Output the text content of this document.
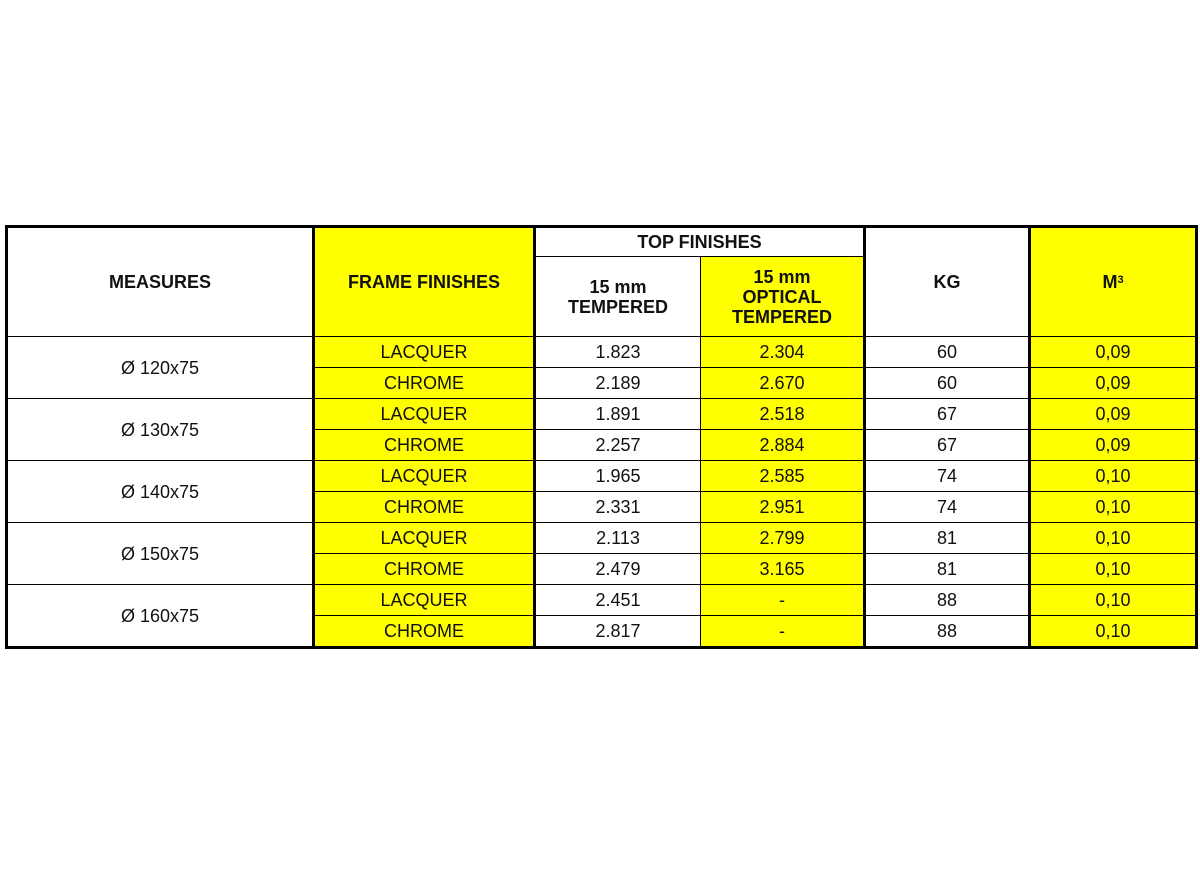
MEASURES	FRAME FINISHES	TOP FINISHES		KG	$M^3$
		15 mm TEMPERED	15 mm OPTICAL TEMPERED		
Ø 120x75	LACQUER	1.823	2.304	60	0,09
	CHROME	2.189	2.670	60	0,09
Ø 130x75	LACQUER	1.891	2.518	67	0,09
	CHROME	2.257	2.884	67	0,09
Ø 140x75	LACQUER	1.965	2.585	74	0,10
	CHROME	2.331	2.951	74	0,10
Ø 150x75	LACQUER	2.113	2.799	81	0,10
	CHROME	2.479	3.165	81	0,10
Ø 160x75	LACQUER	2.451	-	88	0,10
	CHROME	2.817	-	88	0,10
